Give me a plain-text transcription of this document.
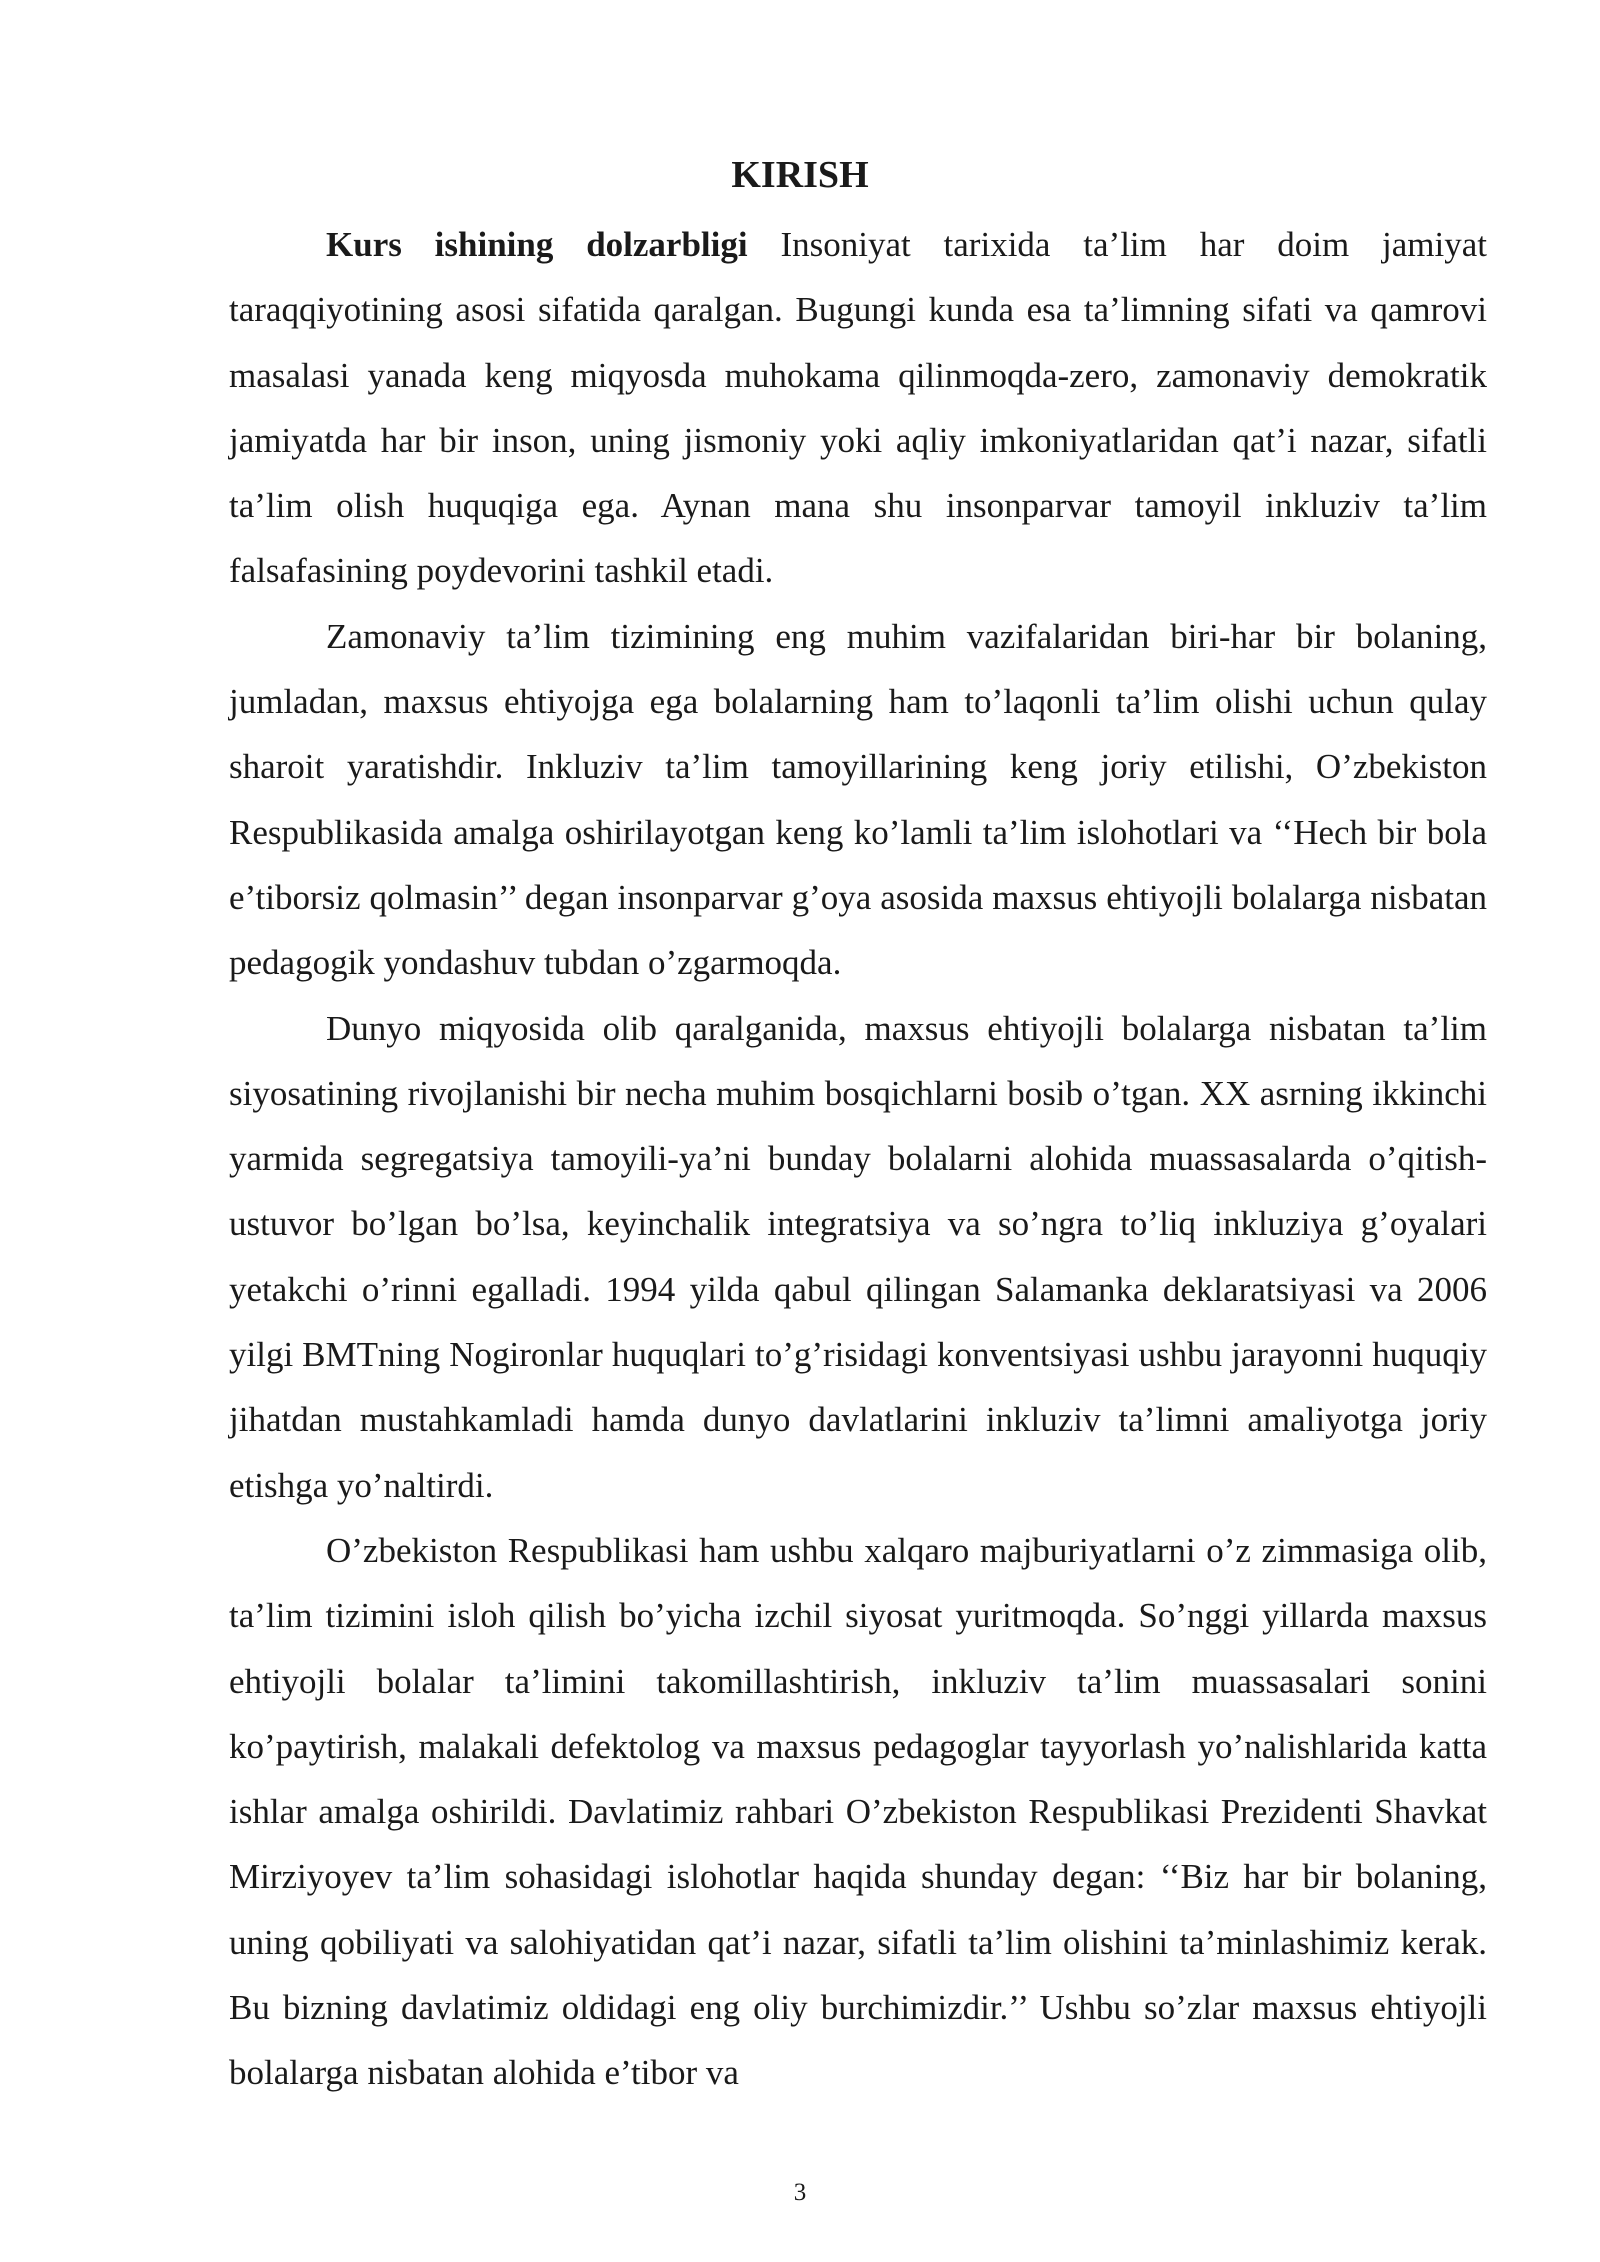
KIRISH

Kurs ishining dolzarbligi Insoniyat tarixida ta’lim har doim jamiyat taraqqiyotining asosi sifatida qaralgan. Bugungi kunda esa ta’limning sifati va qamrovi masalasi yanada keng miqyosda muhokama qilinmoqda-zero, zamonaviy demokratik jamiyatda har bir inson, uning jismoniy yoki aqliy imkoniyatlaridan qat’i nazar, sifatli ta’lim olish huquqiga ega. Aynan mana shu insonparvar tamoyil inkluziv ta’lim falsafasining poydevorini tashkil etadi.

Zamonaviy ta’lim tizimining eng muhim vazifalaridan biri-har bir bolaning, jumladan, maxsus ehtiyojga ega bolalarning ham to’laqonli ta’lim olishi uchun qulay sharoit yaratishdir. Inkluziv ta’lim tamoyillarining keng joriy etilishi, O’zbekiston Respublikasida amalga oshirilayotgan keng ko’lamli ta’lim islohotlari va ‘‘Hech bir bola e’tiborsiz qolmasin’’ degan insonparvar g’oya asosida maxsus ehtiyojli bolalarga nisbatan pedagogik yondashuv tubdan o’zgarmoqda.

Dunyo miqyosida olib qaralganida, maxsus ehtiyojli bolalarga nisbatan ta’lim siyosatining rivojlanishi bir necha muhim bosqichlarni bosib o’tgan. XX asrning ikkinchi yarmida segregatsiya tamoyili-ya’ni bunday bolalarni alohida muassasalarda o’qitish-ustuvor bo’lgan bo’lsa, keyinchalik integratsiya va so’ngra to’liq inkluziya g’oyalari yetakchi o’rinni egalladi. 1994 yilda qabul qilingan Salamanka deklaratsiyasi va 2006 yilgi BMTning Nogironlar huquqlari to’g’risidagi konventsiyasi ushbu jarayonni huquqiy jihatdan mustahkamladi hamda dunyo davlatlarini inkluziv ta’limni amaliyotga joriy etishga yo’naltirdi.

O’zbekiston Respublikasi ham ushbu xalqaro majburiyatlarni o’z zimmasiga olib, ta’lim tizimini isloh qilish bo’yicha izchil siyosat yuritmoqda. So’nggi yillarda maxsus ehtiyojli bolalar ta’limini takomillashtirish, inkluziv ta’lim muassasalari sonini ko’paytirish, malakali defektolog va maxsus pedagoglar tayyorlash yo’nalishlarida katta ishlar amalga oshirildi. Davlatimiz rahbari O’zbekiston Respublikasi Prezidenti Shavkat Mirziyoyev ta’lim sohasidagi islohotlar haqida shunday degan: ‘‘Biz har bir bolaning, uning qobiliyati va salohiyatidan qat’i nazar, sifatli ta’lim olishini ta’minlashimiz kerak. Bu bizning davlatimiz oldidagi eng oliy burchimizdir.’’ Ushbu so’zlar maxsus ehtiyojli bolalarga nisbatan alohida e’tibor va

3
